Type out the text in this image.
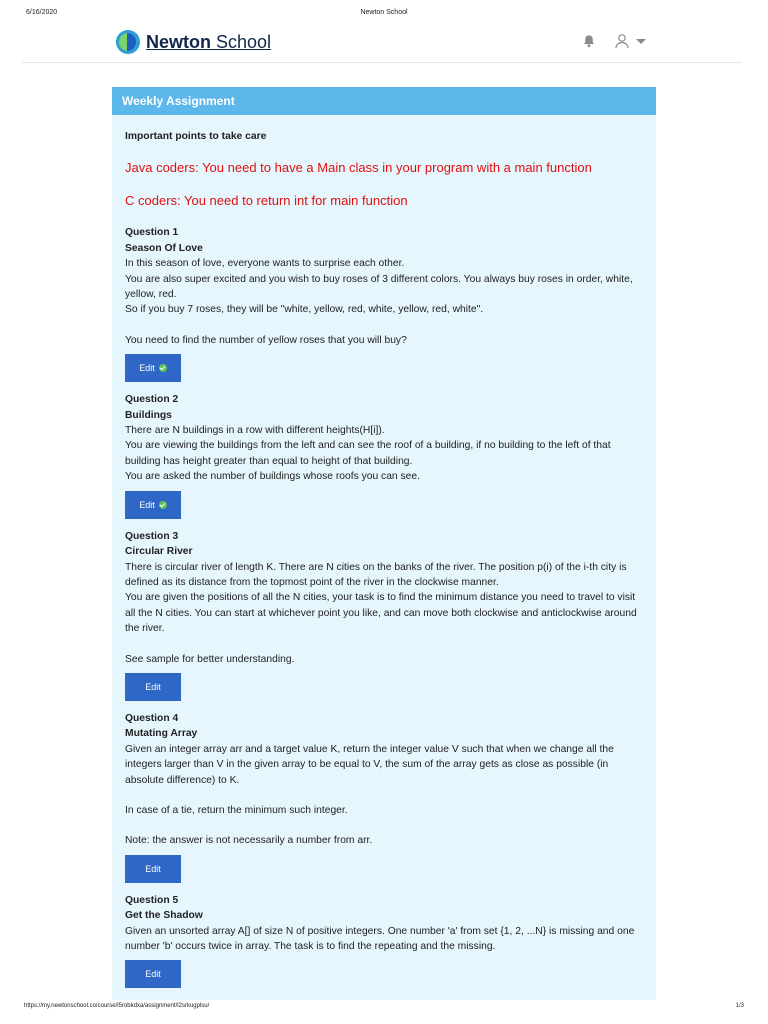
6/16/2020	Newton School
Newton School
Weekly Assignment
Important points to take care
Java coders: You need to have a Main class in your program with a main function
C coders: You need to return int for main function
Question 1
Season Of Love

In this season of love, everyone wants to surprise each other.

You are also super excited and you wish to buy roses of 3 different colors. You always buy roses in order, white, yellow, red.

So if you buy 7 roses, they will be "white, yellow, red, white, yellow, red, white".

You need to find the number of yellow roses that you will buy?

Edit
Question 2
Buildings

There are N buildings in a row with different heights(H[i]).

You are viewing the buildings from the left and can see the roof of a building, if no building to the left of that building has height greater than equal to height of that building.

You are asked the number of buildings whose roofs you can see.

Edit
Question 3
Circular River

There is circular river of length K. There are N cities on the banks of the river. The position p(i) of the i-th city is defined as its distance from the topmost point of the river in the clockwise manner.

You are given the positions of all the N cities, your task is to find the minimum distance you need to travel to visit all the N cities. You can start at whichever point you like, and can move both clockwise and anticlockwise around the river.

See sample for better understanding.

Edit
Question 4
Mutating Array

Given an integer array arr and a target value K, return the integer value V such that when we change all the integers larger than V in the given array to be equal to V, the sum of the array gets as close as possible (in absolute difference) to K.

In case of a tie, return the minimum such integer.

Note: the answer is not necessarily a number from arr.

Edit
Question 5
Get the Shadow

Given an unsorted array A[] of size N of positive integers. One number 'a' from set {1, 2, ...N} is missing and one number 'b' occurs twice in array. The task is to find the repeating and the missing.

Edit
https://my.newtonschool.co/course/l5robkdxa/assignment/l2srkugplsu/	1/3
